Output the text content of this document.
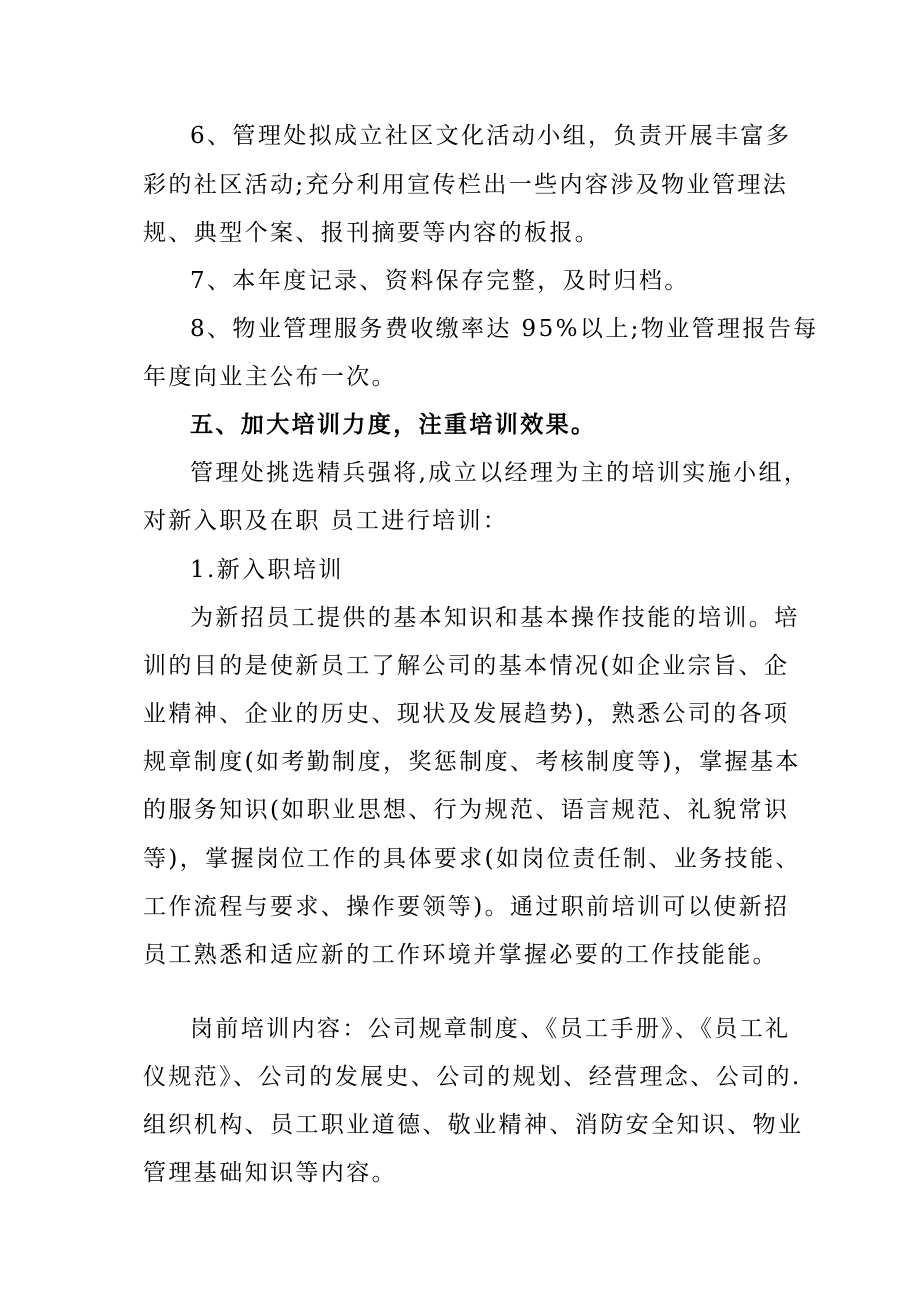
6、管理处拟成立社区文化活动小组，负责开展丰富多
彩的社区活动;充分利用宣传栏出一些内容涉及物业管理法
规、典型个案、报刊摘要等内容的板报。
7、本年度记录、资料保存完整，及时归档。
8、物业管理服务费收缴率达 95%以上;物业管理报告每
年度向业主公布一次。
五、加大培训力度，注重培训效果。
管理处挑选精兵强将,成立以经理为主的培训实施小组，
对新入职及在职 员工进行培训：
1.新入职培训
为新招员工提供的基本知识和基本操作技能的培训。培
训的目的是使新员工了解公司的基本情况(如企业宗旨、企
业精神、企业的历史、现状及发展趋势)，熟悉公司的各项
规章制度(如考勤制度，奖惩制度、考核制度等)，掌握基本
的服务知识(如职业思想、行为规范、语言规范、礼貌常识
等)，掌握岗位工作的具体要求(如岗位责任制、业务技能、
工作流程与要求、操作要领等)。通过职前培训可以使新招
员工熟悉和适应新的工作环境并掌握必要的工作技能能。
岗前培训内容：公司规章制度、《员工手册》、《员工礼
仪规范》、公司的发展史、公司的规划、经营理念、公司的.
组织机构、员工职业道德、敬业精神、消防安全知识、物业
管理基础知识等内容。
